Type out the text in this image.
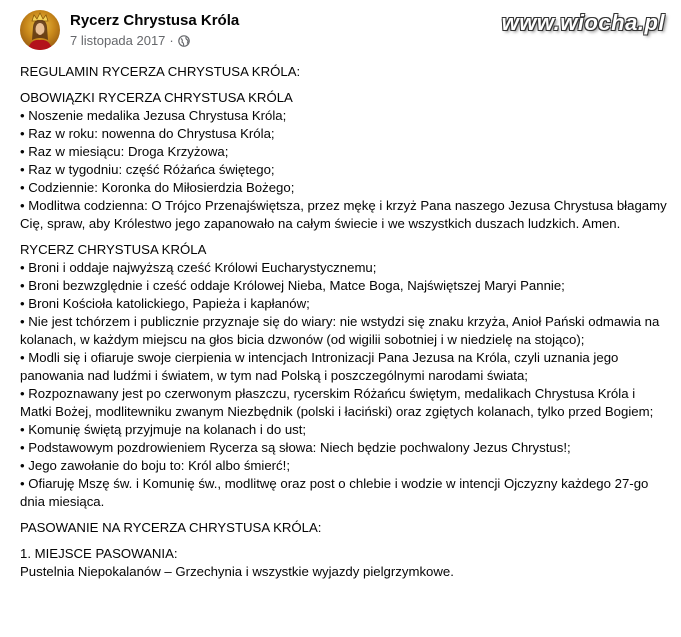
Rycerz Chrystusa Króla
7 listopada 2017 ·
www.wiocha.pl

REGULAMIN RYCERZA CHRYSTUSA KRÓLA:

OBOWIĄZKI RYCERZA CHRYSTUSA KRÓLA

• Noszenie medalika Jezusa Chrystusa Króla;

• Raz w roku: nowenna do Chrystusa Króla;

• Raz w miesiącu: Droga Krzyżowa;

• Raz w tygodniu: część Różańca świętego;

• Codziennie: Koronka do Miłosierdzia Bożego;

• Modlitwa codzienna: O Trójco Przenajświętsza, przez mękę i krzyż Pana naszego Jezusa Chrystusa błagamy Cię, spraw, aby Królestwo jego zapanowało na całym świecie i we wszystkich duszach ludzkich. Amen.

RYCERZ CHRYSTUSA KRÓLA

• Broni i oddaje najwyższą cześć Królowi Eucharystycznemu;

• Broni bezwzględnie i cześć oddaje Królowej Nieba, Matce Boga, Najświętszej Maryi Pannie;

• Broni Kościoła katolickiego, Papieża i kapłanów;

• Nie jest tchórzem i publicznie przyznaje się do wiary: nie wstydzi się znaku krzyża, Anioł Pański odmawia na kolanach, w każdym miejscu na głos bicia dzwonów (od wigilii sobotniej i w niedzielę na stojąco);

• Modli się i ofiaruje swoje cierpienia w intencjach Intronizacji Pana Jezusa na Króla, czyli uznania jego panowania nad ludźmi i światem, w tym nad Polską i poszczególnymi narodami świata;

• Rozpoznawany jest po czerwonym płaszczu, rycerskim Różańcu świętym, medalikach Chrystusa Króla i Matki Bożej, modlitewniku zwanym Niezbędnik (polski i łaciński) oraz zgiętych kolanach, tylko przed Bogiem;

• Komunię świętą przyjmuje na kolanach i do ust;

• Podstawowym pozdrowieniem Rycerza są słowa: Niech będzie pochwalony Jezus Chrystus!;

• Jego zawołanie do boju to: Król albo śmierć!;

• Ofiaruję Mszę św. i Komunię św., modlitwę oraz post o chlebie i wodzie w intencji Ojczyzny każdego 27-go dnia miesiąca.

PASOWANIE NA RYCERZA CHRYSTUSA KRÓLA:

1. MIEJSCE PASOWANIA:

Pustelnia Niepokalanów – Grzechynia i wszystkie wyjazdy pielgrzymkowe.
